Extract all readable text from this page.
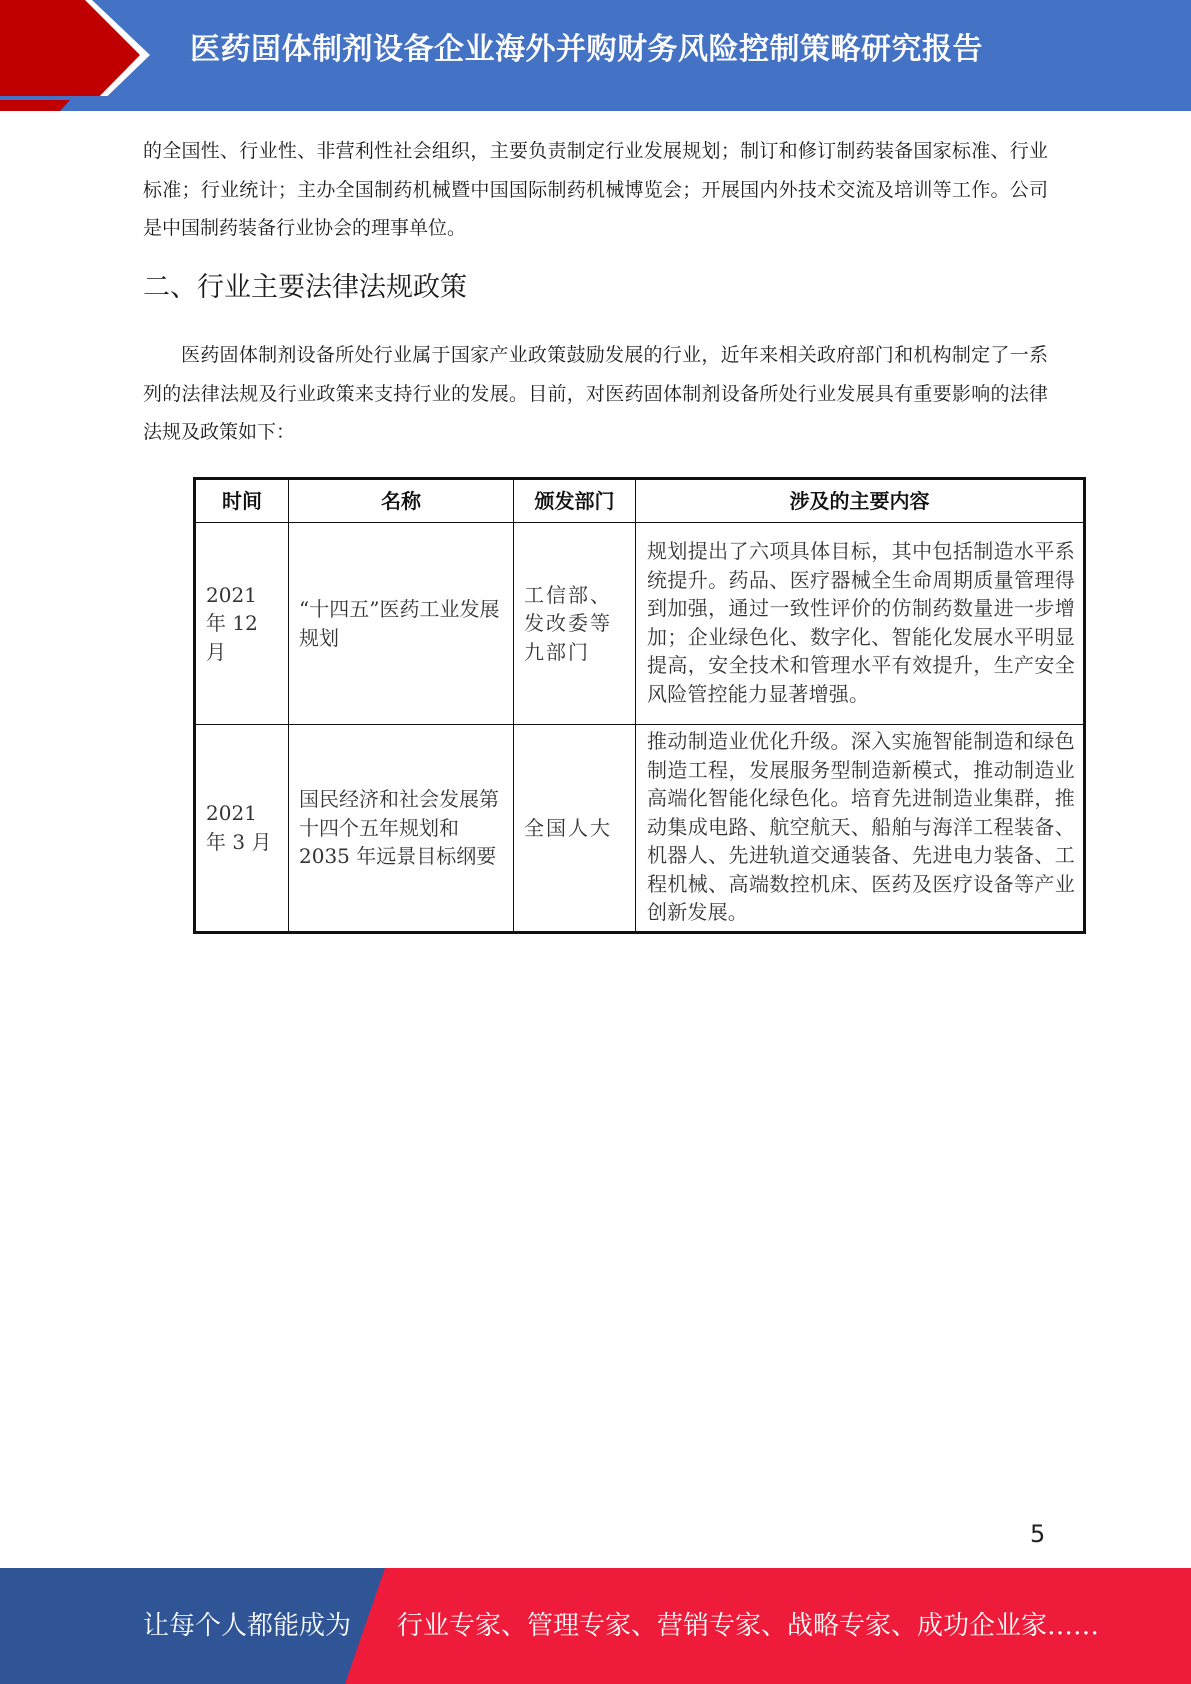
医药固体制剂设备企业海外并购财务风险控制策略研究报告

的全国性、行业性、非营利性社会组织，主要负责制定行业发展规划；制订和修订制药装备国家标准、行业标准；行业统计；主办全国制药机械暨中国国际制药机械博览会；开展国内外技术交流及培训等工作。公司是中国制药装备行业协会的理事单位。

二、行业主要法律法规政策

医药固体制剂设备所处行业属于国家产业政策鼓励发展的行业，近年来相关政府部门和机构制定了一系列的法律法规及行业政策来支持行业的发展。目前，对医药固体制剂设备所处行业发展具有重要影响的法律法规及政策如下：

时间	名称	颁发部门	涉及的主要内容
2021 年 12 月	“十四五”医药工业发展规划	工信部、发改委等九部门	规划提出了六项具体目标，其中包括制造水平系统提升。药品、医疗器械全生命周期质量管理得到加强，通过一致性评价的仿制药数量进一步增加；企业绿色化、数字化、智能化发展水平明显提高，安全技术和管理水平有效提升，生产安全风险管控能力显著增强。
2021 年 3 月	国民经济和社会发展第十四个五年规划和 2035 年远景目标纲要	全国人大	推动制造业优化升级。深入实施智能制造和绿色制造工程，发展服务型制造新模式，推动制造业高端化智能化绿色化。培育先进制造业集群，推动集成电路、航空航天、船舶与海洋工程装备、机器人、先进轨道交通装备、先进电力装备、工程机械、高端数控机床、医药及医疗设备等产业创新发展。
5
让每个人都能成为 行业专家、管理专家、营销专家、战略专家、成功企业家……
